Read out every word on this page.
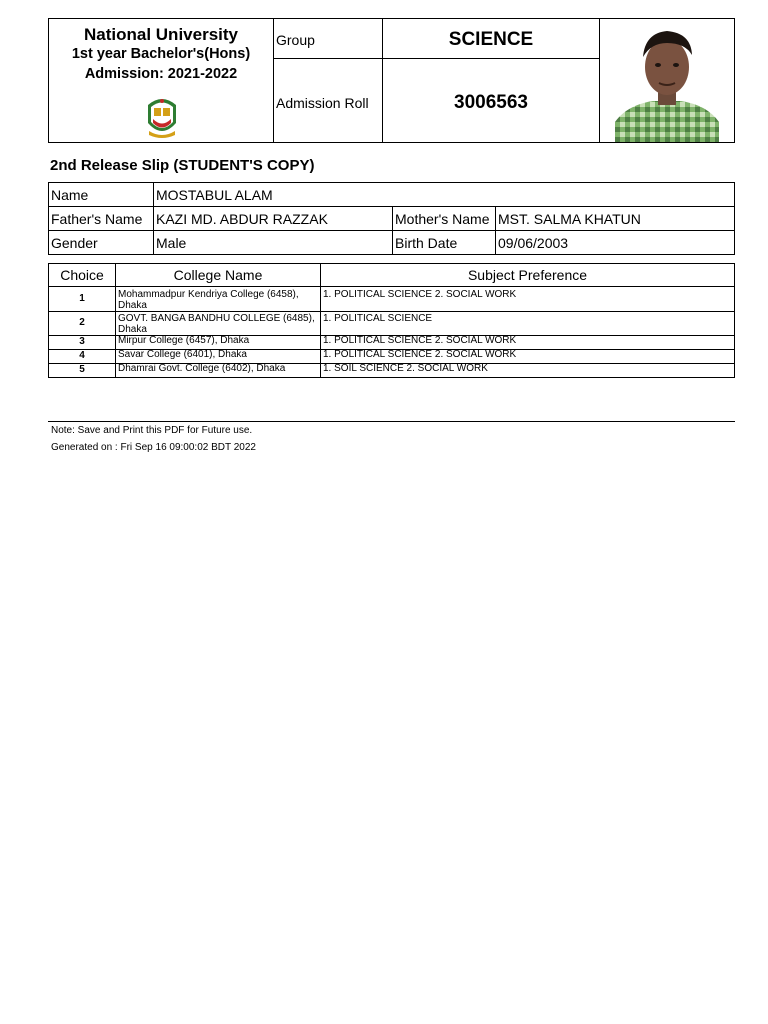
National University
1st year Bachelor's(Hons)
Admission: 2021-2022
Group	SCIENCE
Admission Roll	3006563
2nd Release Slip (STUDENT'S COPY)
Name	MOSTABUL ALAM		
Father's Name	KAZI MD. ABDUR RAZZAK	Mother's Name	MST. SALMA KHATUN
Gender	Male	Birth Date	09/06/2003
Choice	College Name	Subject Preference
1	Mohammadpur Kendriya College (6458), Dhaka	1. POLITICAL SCIENCE 2. SOCIAL WORK
2	GOVT. BANGA BANDHU COLLEGE (6485), Dhaka	1. POLITICAL SCIENCE
3	Mirpur College (6457), Dhaka	1. POLITICAL SCIENCE 2. SOCIAL WORK
4	Savar College (6401), Dhaka	1. POLITICAL SCIENCE 2. SOCIAL WORK
5	Dhamrai Govt. College (6402), Dhaka	1. SOIL SCIENCE 2. SOCIAL WORK
Note: Save and Print this PDF for Future use.
Generated on : Fri Sep 16 09:00:02 BDT 2022
